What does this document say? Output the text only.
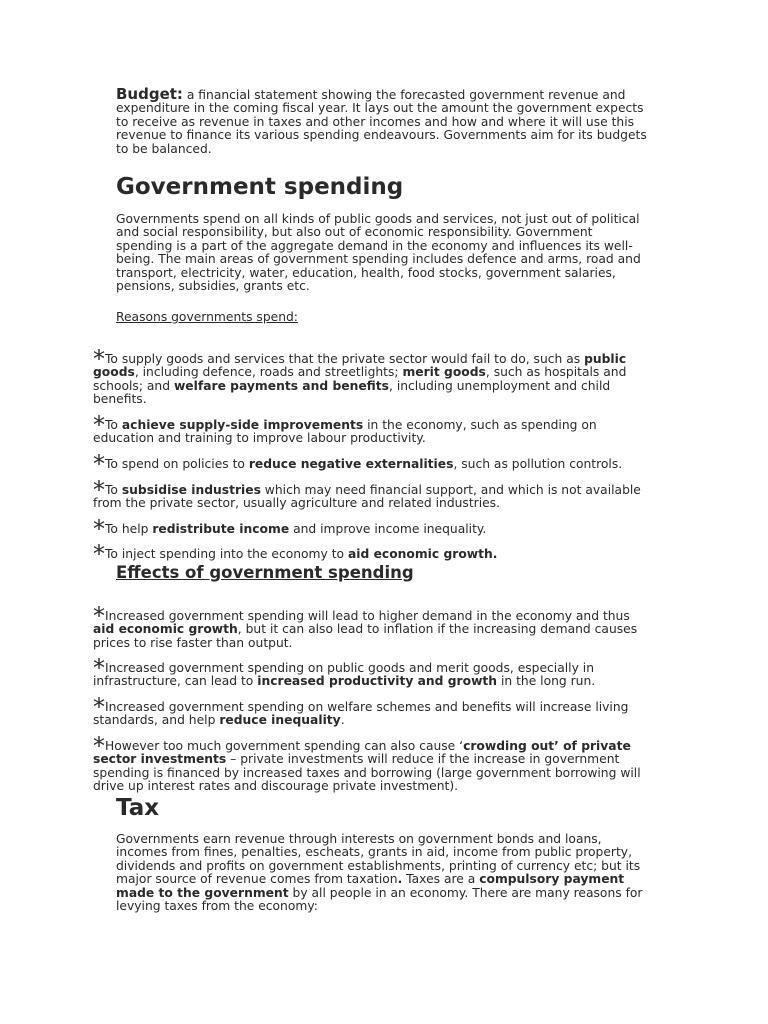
Budget: a financial statement showing the forecasted government revenue and expenditure in the coming fiscal year. It lays out the amount the government expects to receive as revenue in taxes and other incomes and how and where it will use this revenue to finance its various spending endeavours. Governments aim for its budgets to be balanced.

Government spending

Governments spend on all kinds of public goods and services, not just out of political and social responsibility, but also out of economic responsibility. Government spending is a part of the aggregate demand in the economy and influences its well-being. The main areas of government spending includes defence and arms, road and transport, electricity, water, education, health, food stocks, government salaries, pensions, subsidies, grants etc.

Reasons governments spend:

*To supply goods and services that the private sector would fail to do, such as public goods, including defence, roads and streetlights; merit goods, such as hospitals and schools; and welfare payments and benefits, including unemployment and child benefits.

*To achieve supply-side improvements in the economy, such as spending on education and training to improve labour productivity.

*To spend on policies to reduce negative externalities, such as pollution controls.

*To subsidise industries which may need financial support, and which is not available from the private sector, usually agriculture and related industries.

*To help redistribute income and improve income inequality.

*To inject spending into the economy to aid economic growth.

Effects of government spending

*Increased government spending will lead to higher demand in the economy and thus aid economic growth, but it can also lead to inflation if the increasing demand causes prices to rise faster than output.

*Increased government spending on public goods and merit goods, especially in infrastructure, can lead to increased productivity and growth in the long run.

*Increased government spending on welfare schemes and benefits will increase living standards, and help reduce inequality.

*However too much government spending can also cause ‘crowding out’ of private sector investments – private investments will reduce if the increase in government spending is financed by increased taxes and borrowing (large government borrowing will drive up interest rates and discourage private investment).

Tax

Governments earn revenue through interests on government bonds and loans, incomes from fines, penalties, escheats, grants in aid, income from public property, dividends and profits on government establishments, printing of currency etc; but its major source of revenue comes from taxation. Taxes are a compulsory payment made to the government by all people in an economy. There are many reasons for levying taxes from the economy:
